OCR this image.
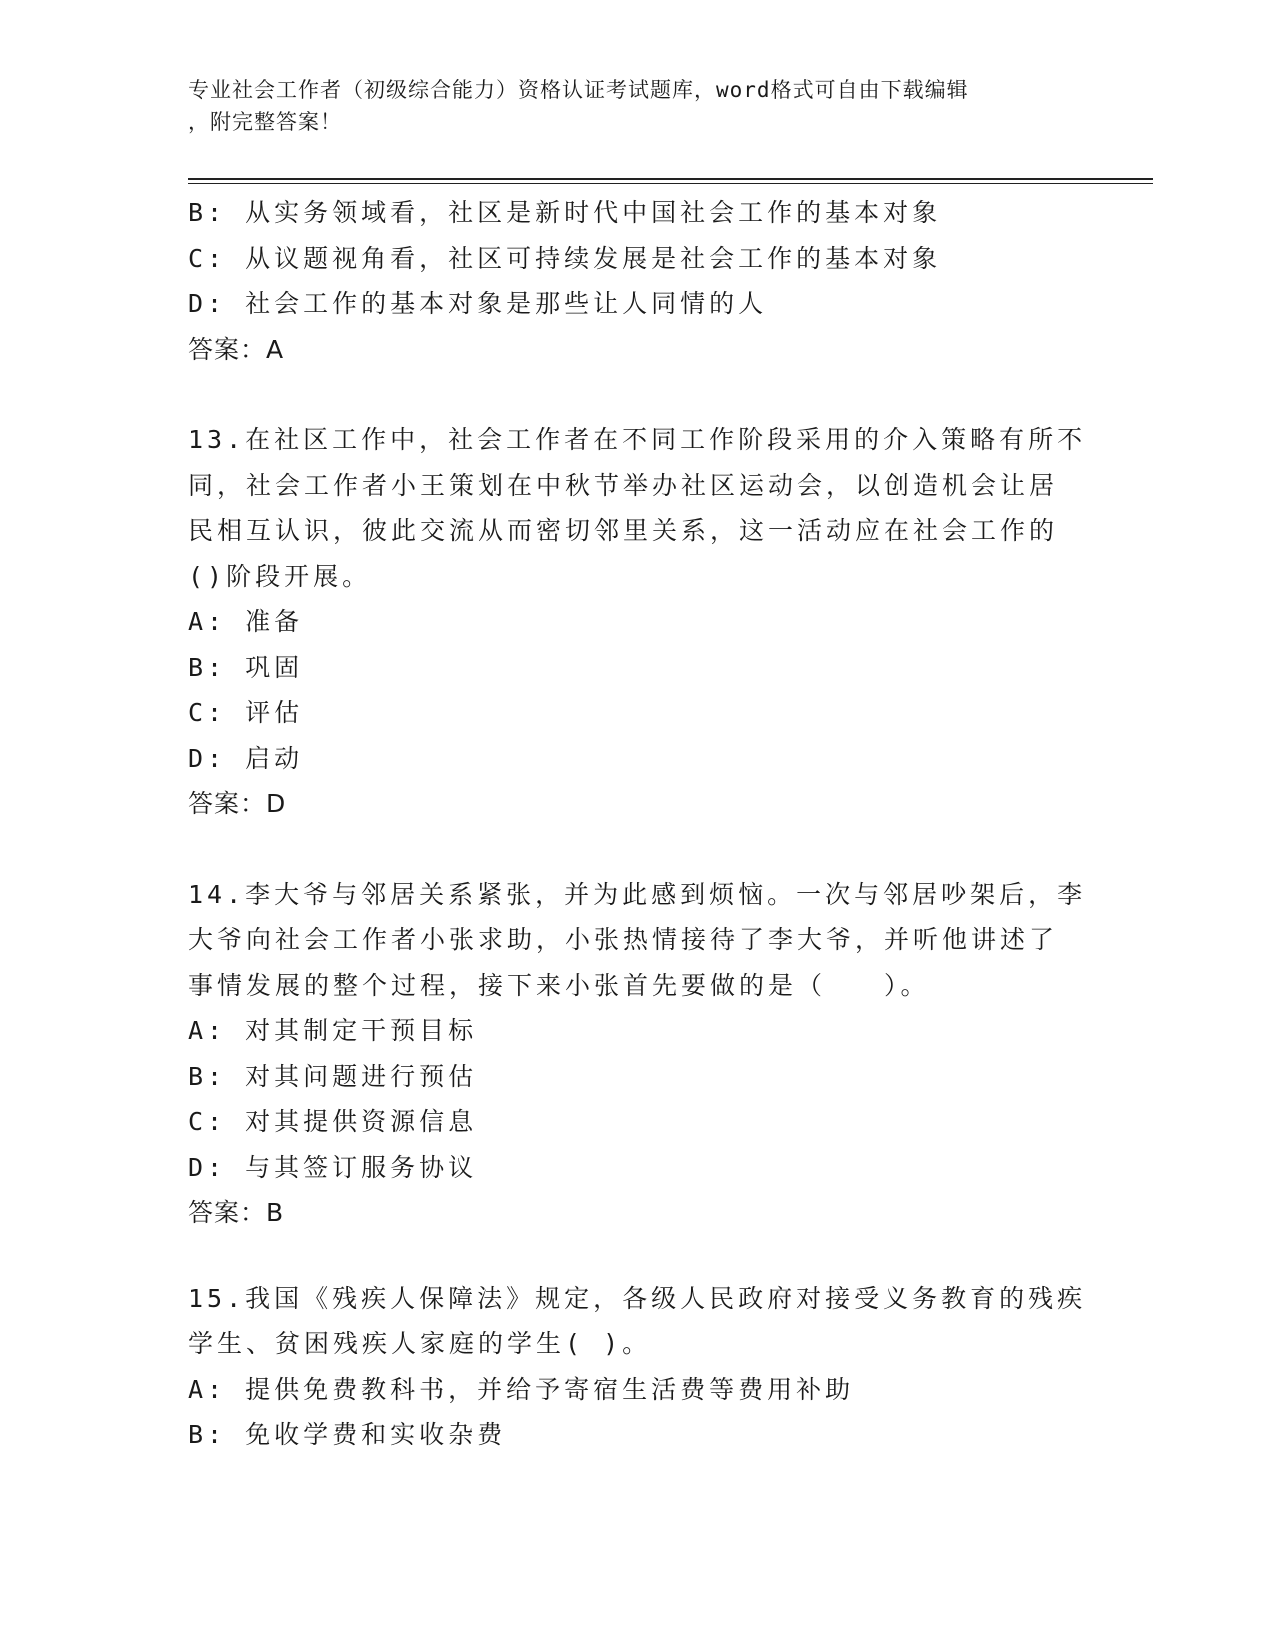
专业社会工作者（初级综合能力）资格认证考试题库，word格式可自由下载编辑
，附完整答案！
B: 从实务领域看，社区是新时代中国社会工作的基本对象
C: 从议题视角看，社区可持续发展是社会工作的基本对象
D: 社会工作的基本对象是那些让人同情的人
答案：A
13.在社区工作中，社会工作者在不同工作阶段采用的介入策略有所不
同，社会工作者小王策划在中秋节举办社区运动会，以创造机会让居
民相互认识，彼此交流从而密切邻里关系，这一活动应在社会工作的
()阶段开展。
A: 准备
B: 巩固
C: 评估
D: 启动
答案：D
14.李大爷与邻居关系紧张，并为此感到烦恼。一次与邻居吵架后，李
大爷向社会工作者小张求助，小张热情接待了李大爷，并听他讲述了
事情发展的整个过程，接下来小张首先要做的是（　　）。
A: 对其制定干预目标
B: 对其问题进行预估
C: 对其提供资源信息
D: 与其签订服务协议
答案：B
15.我国《残疾人保障法》规定，各级人民政府对接受义务教育的残疾
学生、贫困残疾人家庭的学生( )。
A: 提供免费教科书，并给予寄宿生活费等费用补助
B: 免收学费和实收杂费
